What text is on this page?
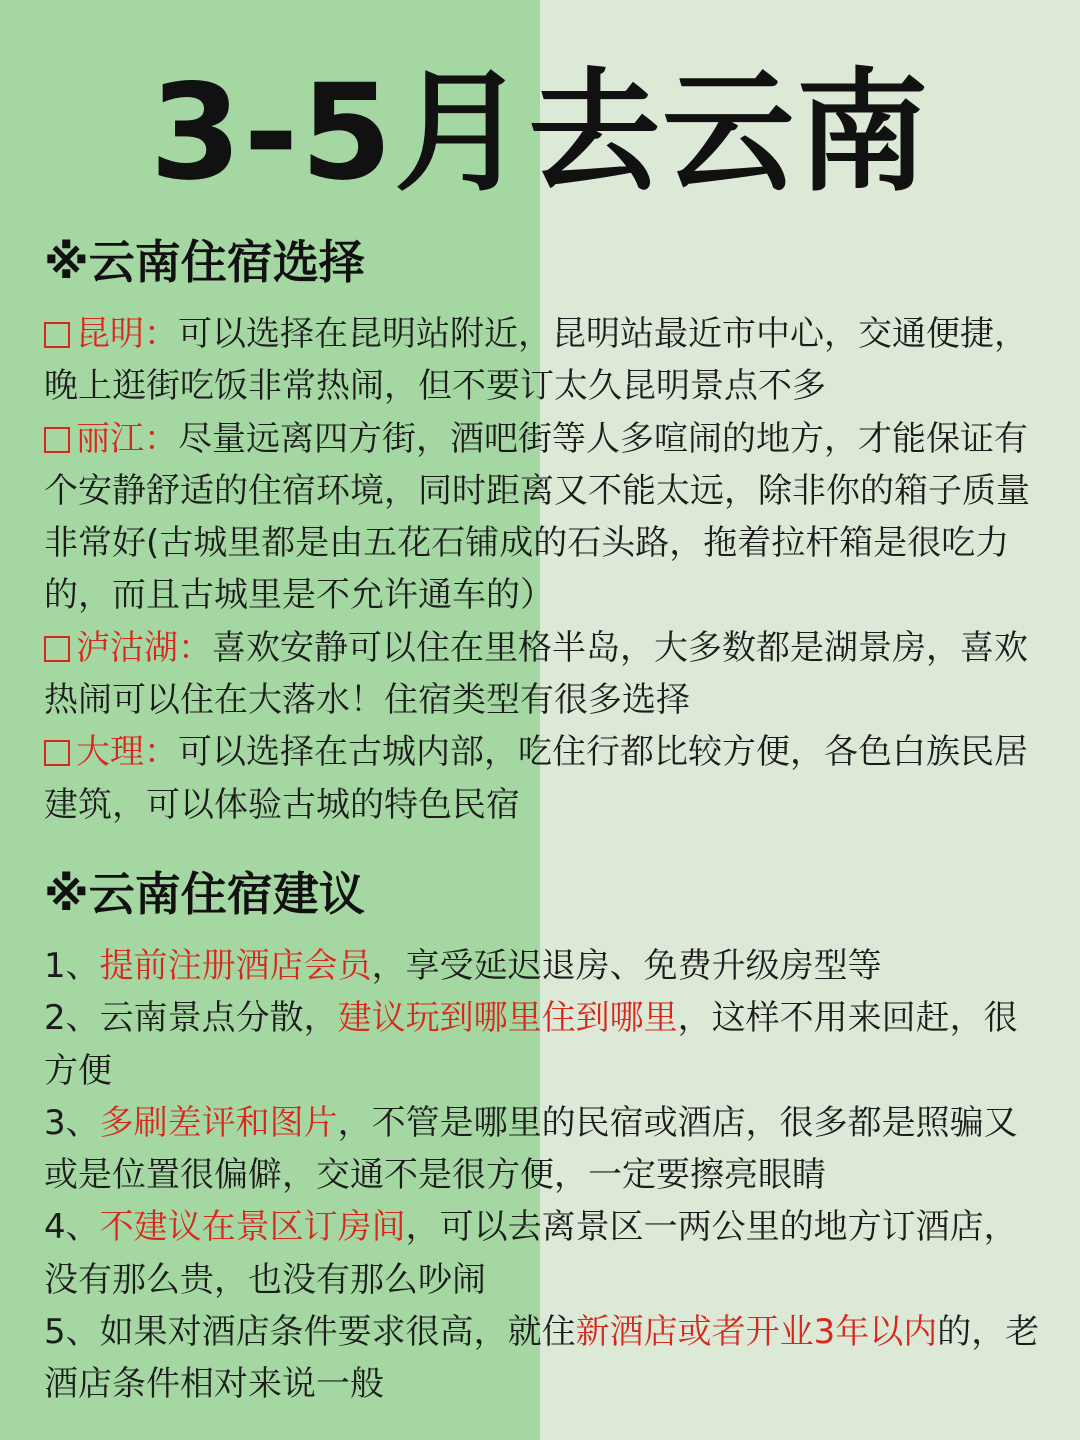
3-5月去云南
※云南住宿选择

昆明：可以选择在昆明站附近，昆明站最近市中心，交通便捷，晚上逛街吃饭非常热闹，但不要订太久昆明景点不多

丽江：尽量远离四方街，酒吧街等人多喧闹的地方，才能保证有个安静舒适的住宿环境，同时距离又不能太远，除非你的箱子质量非常好(古城里都是由五花石铺成的石头路，拖着拉杆箱是很吃力的，而且古城里是不允许通车的）

泸沽湖：喜欢安静可以住在里格半岛，大多数都是湖景房，喜欢热闹可以住在大落水！住宿类型有很多选择

大理：可以选择在古城内部，吃住行都比较方便，各色白族民居建筑，可以体验古城的特色民宿

※云南住宿建议

1、提前注册酒店会员，享受延迟退房、免费升级房型等

2、云南景点分散，建议玩到哪里住到哪里，这样不用来回赶，很方便

3、多刷差评和图片，不管是哪里的民宿或酒店，很多都是照骗又或是位置很偏僻，交通不是很方便，一定要擦亮眼睛

4、不建议在景区订房间，可以去离景区一两公里的地方订酒店，没有那么贵，也没有那么吵闹

5、如果对酒店条件要求很高，就住新酒店或者开业3年以内的，老酒店条件相对来说一般
